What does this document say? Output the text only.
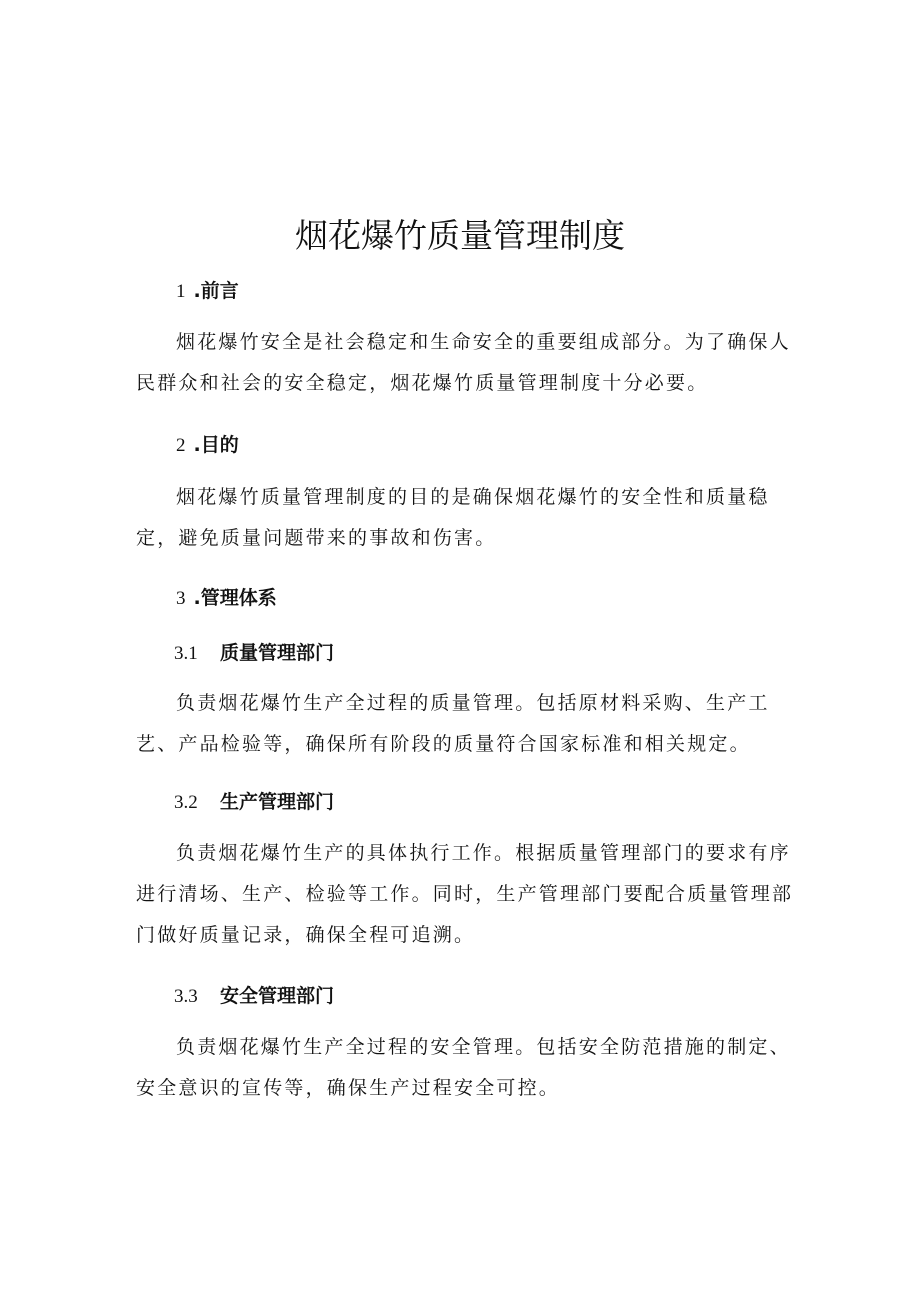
烟花爆竹质量管理制度
1 .前言
烟花爆竹安全是社会稳定和生命安全的重要组成部分。为了确保人民群众和社会的安全稳定，烟花爆竹质量管理制度十分必要。
2 .目的
烟花爆竹质量管理制度的目的是确保烟花爆竹的安全性和质量稳定，避免质量问题带来的事故和伤害。
3 .管理体系
3.1 质量管理部门
负责烟花爆竹生产全过程的质量管理。包括原材料采购、生产工艺、产品检验等，确保所有阶段的质量符合国家标准和相关规定。
3.2 生产管理部门
负责烟花爆竹生产的具体执行工作。根据质量管理部门的要求有序进行清场、生产、检验等工作。同时，生产管理部门要配合质量管理部门做好质量记录，确保全程可追溯。
3.3 安全管理部门
负责烟花爆竹生产全过程的安全管理。包括安全防范措施的制定、安全意识的宣传等，确保生产过程安全可控。
